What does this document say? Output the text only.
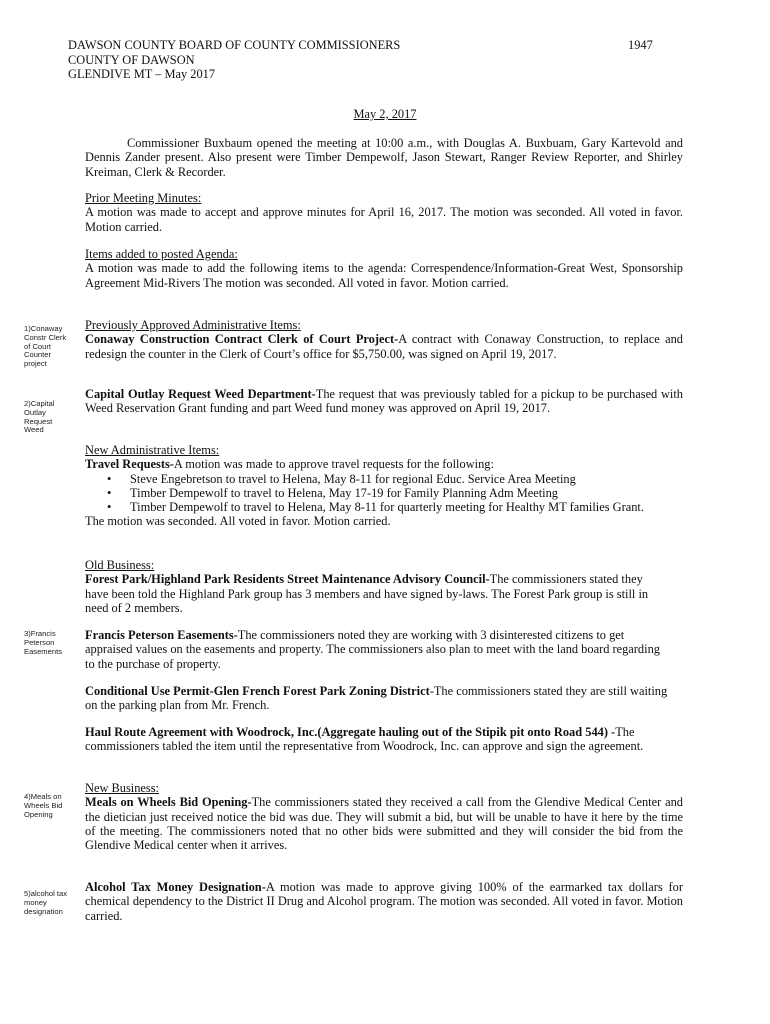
DAWSON COUNTY BOARD OF COUNTY COMMISSIONERS
COUNTY OF DAWSON
GLENDIVE MT – May 2017
1947
May 2, 2017
Commissioner Buxbaum opened the meeting at 10:00 a.m., with Douglas A. Buxbuam, Gary Kartevold and Dennis Zander present. Also present were Timber Dempewolf, Jason Stewart, Ranger Review Reporter, and Shirley Kreiman, Clerk & Recorder.
Prior Meeting Minutes:
A motion was made to accept and approve minutes for April 16, 2017. The motion was seconded. All voted in favor. Motion carried.
Items added to posted Agenda:
A motion was made to add the following items to the agenda: Correspendence/Information-Great West, Sponsorship Agreement Mid-Rivers The motion was seconded. All voted in favor. Motion carried.
Previously Approved Administrative Items:
Conaway Construction Contract Clerk of Court Project-A contract with Conaway Construction, to replace and redesign the counter in the Clerk of Court’s office for $5,750.00, was signed on April 19, 2017.
Capital Outlay Request Weed Department-The request that was previously tabled for a pickup to be purchased with Weed Reservation Grant funding and part Weed fund money was approved on April 19, 2017.
New Administrative Items:
Travel Requests-A motion was made to approve travel requests for the following:
• Steve Engebretson to travel to Helena, May 8-11 for regional Educ. Service Area Meeting
• Timber Dempewolf to travel to Helena, May 17-19 for Family Planning Adm Meeting
• Timber Dempewolf to travel to Helena, May 8-11 for quarterly meeting for Healthy MT families Grant.
The motion was seconded. All voted in favor. Motion carried.
Old Business:
Forest Park/Highland Park Residents Street Maintenance Advisory Council-The commissioners stated they have been told the Highland Park group has 3 members and have signed by-laws. The Forest Park group is still in need of 2 members.
Francis Peterson Easements-The commissioners noted they are working with 3 disinterested citizens to get appraised values on the easements and property. The commissioners also plan to meet with the land board regarding to the purchase of property.
Conditional Use Permit-Glen French Forest Park Zoning District-The commissioners stated they are still waiting on the parking plan from Mr. French.
Haul Route Agreement with Woodrock, Inc.(Aggregate hauling out of the Stipik pit onto Road 544) -The commissioners tabled the item until the representative from Woodrock, Inc. can approve and sign the agreement.
New Business:
Meals on Wheels Bid Opening-The commissioners stated they received a call from the Glendive Medical Center and the dietician just received notice the bid was due. They will submit a bid, but will be unable to have it here by the time of the meeting. The commissioners noted that no other bids were submitted and they will consider the bid from the Glendive Medical center when it arrives.
Alcohol Tax Money Designation-A motion was made to approve giving 100% of the earmarked tax dollars for chemical dependency to the District II Drug and Alcohol program. The motion was seconded. All voted in favor. Motion carried.
1)Conaway Constr Clerk of Court Counter project
2)Capital Outlay Request Weed
3)Francis Peterson Easements
4)Meals on Wheels Bid Opening
5)alcohol tax money designation
